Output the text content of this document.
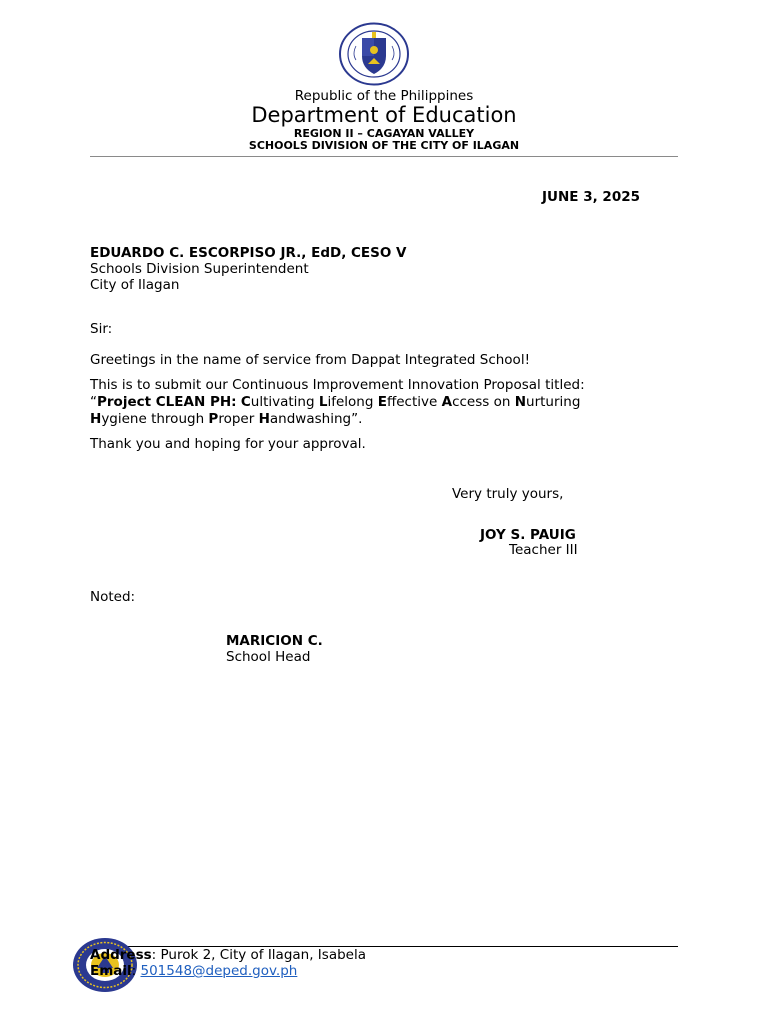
Republic of the Philippines
Department of Education
REGION II – CAGAYAN VALLEY
SCHOOLS DIVISION OF THE CITY OF ILAGAN
JUNE 3, 2025
EDUARDO C. ESCORPISO JR., EdD, CESO V
Schools Division Superintendent
City of Ilagan
Sir:
Greetings in the name of service from Dappat Integrated School!
This is to submit our Continuous Improvement Innovation Proposal titled:
“Project CLEAN PH: Cultivating Lifelong Effective Access on Nurturing
Hygiene through Proper Handwashing”.
Thank you and hoping for your approval.
Very truly yours,
JOY S. PAUIG
Teacher III
Noted:
MARICION C.
School Head
Address: Purok 2, City of Ilagan, Isabela
Email: 501548@deped.gov.ph
